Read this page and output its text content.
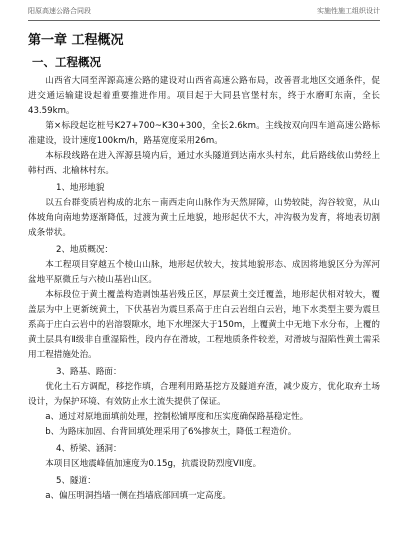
阳原高速公路合同段	实施性施工组织设计
第一章 工程概况
一、工程概况

山西省大同至浑源高速公路的建设对山西省高速公路布局，改善晋北地区交通条件，促进交通运输建设起着重要推进作用。项目起于大同县官堡村东，终于水磨町东南，全长43.59km。

第×标段起讫桩号K27+700~K30+300，全长2.6km。主线按双向四车道高速公路标准建设，设计速度100km/h，路基宽度采用26m。

本标段线路在进入浑源县境内后，通过水头隧道到达南水头村东，此后路线依山势经上韩村西、北榆林村东。

1、地形地貌

以五台群变质岩构成的北东－南西走向山脉作为天然屏障，山势较陡，沟谷较宽，从山体坡角向南地势逐渐降低，过渡为黄土丘地貌，地形起伏不大，冲沟极为发育，将地表切割成条带状。

2、地质概况：

本工程项目穿越五个棱山山脉，地形起伏较大，按其地貌形态、成因将地貌区分为浑河盆地平原微丘与六棱山基岩山区。

本标段位于黄土覆盖构造剥蚀基岩残丘区，厚层黄土交迁覆盖，地形起伏相对较大，覆盖层为中上更新统黄土，下伏基岩为震旦系高于庄白云岩组白云岩，地下水类型主要为震旦系高于庄白云岩中的岩溶裂隙水，地下水埋深大于150m，上覆黄土中无地下水分布，上覆的黄土层具有Ⅱ级非自重湿陷性，段内存在滑坡，工程地质条件较差，对滑坡与湿陷性黄土需采用工程措施处治。

3、路基、路面：

优化土石方调配，移挖作填，合理利用路基挖方及隧道弃渣，减少废方，优化取弃土场设计，为保护环境、有效防止水土流失提供了保证。

a、通过对原地面填前处理，控制松铺厚度和压实度确保路基稳定性。

b、为路床加固、台背回填处理采用了6%掺灰土，降低工程造价。

4、桥梁、涵洞：

本项目区地震峰值加速度为0.15g，抗震设防烈度VII度。

5、隧道：

a、偏压明洞挡墙一侧在挡墙底部回填一定高度。
